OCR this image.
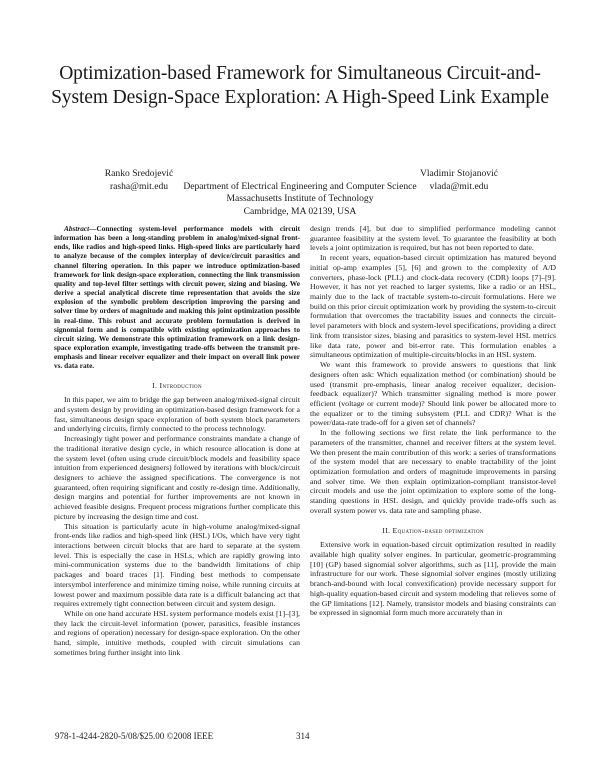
Optimization-based Framework for Simultaneous Circuit-and-System Design-Space Exploration: A High-Speed Link Example
Ranko Sredojević
rasha@mit.edu
Vladimir Stojanović
vlada@mit.edu
Department of Electrical Engineering and Computer Science
Massachusetts Institute of Technology
Cambridge, MA 02139, USA

Abstract—Connecting system-level performance models with circuit information has been a long-standing problem in analog/mixed-signal front-ends, like radios and high-speed links. High-speed links are particularly hard to analyze because of the complex interplay of device/circuit parasitics and channel filtering operation. In this paper we introduce optimization-based framework for link design-space exploration, connecting the link transmission quality and top-level filter settings with circuit power, sizing and biasing. We derive a special analytical discrete time representation that avoids the size explosion of the symbolic problem description improving the parsing and solver time by orders of magnitude and making this joint optimization possible in real-time. This robust and accurate problem formulation is derived in signomial form and is compatible with existing optimization approaches to circuit sizing. We demonstrate this optimization framework on a link design-space exploration example, investigating trade-offs between the transmit pre-emphasis and linear receiver equalizer and their impact on overall link power vs. data rate.

I. Introduction

In this paper, we aim to bridge the gap between analog/mixed-signal circuit and system design by providing an optimization-based design framework for a fast, simultaneous design space exploration of both system block parameters and underlying circuits, firmly connected to the process technology.

Increasingly tight power and performance constraints mandate a change of the traditional iterative design cycle, in which resource allocation is done at the system level (often using crude circuit/block models and feasibility space intuition from experienced designers) followed by iterations with block/circuit designers to achieve the assigned specifications. The convergence is not guaranteed, often requiring significant and costly re-design time. Additionally, design margins and potential for further improvements are not known in achieved feasible designs. Frequent process migrations further complicate this picture by increasing the design time and cost.

This situation is particularly acute in high-volume analog/mixed-signal front-ends like radios and high-speed link (HSL) I/Os, which have very tight interactions between circuit blocks that are hard to separate at the system level. This is especially the case in HSLs, which are rapidly growing into mini-communication systems due to the bandwidth limitations of chip packages and board traces [1]. Finding best methods to compensate intersymbol interference and minimize timing noise, while running circuits at lowest power and maximum possible data rate is a difficult balancing act that requires extremely tight connection between circuit and system design.

While on one hand accurate HSL system performance models exist [1]–[3], they lack the circuit-level information (power, parasitics, feasible instances and regions of operation) necessary for design-space exploration. On the other hand, simple, intuitive methods, coupled with circuit simulations can sometimes bring further insight into link

design trends [4], but due to simplified performance modeling cannot guarantee feasibility at the system level. To guarantee the feasibility at both levels a joint optimization is required, but has not been reported to date.

In recent years, equation-based circuit optimization has matured beyond initial op-amp examples [5], [6] and grown to the complexity of A/D converters, phase-lock (PLL) and clock-data recovery (CDR) loops [7]–[9]. However, it has not yet reached to larger systems, like a radio or an HSL, mainly due to the lack of tractable system-to-circuit formulations. Here we build on this prior circuit optimization work by providing the system-to-circuit formulation that overcomes the tractability issues and connects the circuit-level parameters with block and system-level specifications, providing a direct link from transistor sizes, biasing and parasitics to system-level HSL metrics like data rate, power and bit-error rate. This formulation enables a simultaneous optimization of multiple-circuits/blocks in an HSL system.

We want this framework to provide answers to questions that link designers often ask: Which equalization method (or combination) should be used (transmit pre-emphasis, linear analog receiver equalizer, decision-feedback equalizer)? Which transmitter signaling method is more power efficient (voltage or current mode)? Should link power be allocated more to the equalizer or to the timing subsystem (PLL and CDR)? What is the power/data-rate trade-off for a given set of channels?

In the following sections we first relate the link performance to the parameters of the transmitter, channel and receiver filters at the system level. We then present the main contribution of this work: a series of transformations of the system model that are necessary to enable tractability of the joint optimization formulation and orders of magnitude improvements in parsing and solver time. We then explain optimization-compliant transistor-level circuit models and use the joint optimization to explore some of the long-standing questions in HSL design, and quickly provide trade-offs such as overall system power vs. data rate and sampling phase.

II. Equation-based optimization

Extensive work in equation-based circuit optimization resulted in readily available high quality solver engines. In particular, geometric-programming [10] (GP) based signomial solver algorithms, such as [11], provide the main infrastructure for our work. These signomial solver engines (mostly utilizing branch-and-bound with local convexification) provide necessary support for high-quality equation-based circuit and system modeling that relieves some of the GP limitations [12]. Namely, transistor models and biasing constraints can be expressed in signomial form much more accurately than in

978-1-4244-2820-5/08/$25.00 ©2008 IEEE	314
